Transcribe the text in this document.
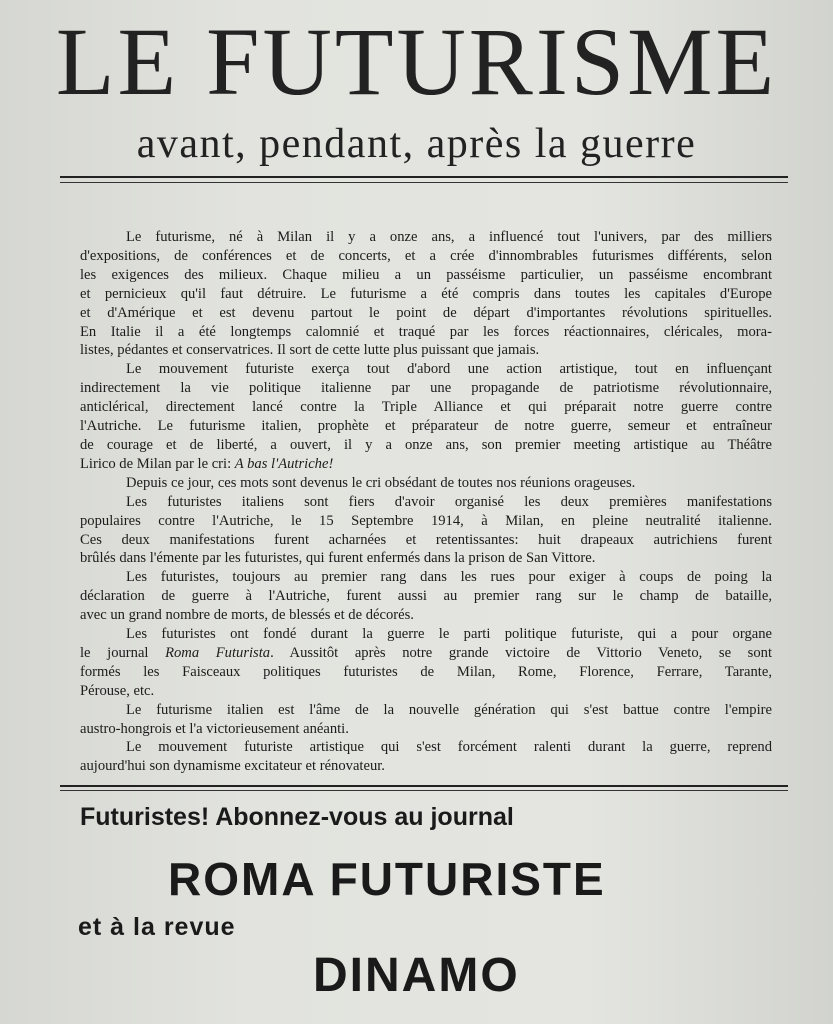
LE FUTURISME
avant, pendant, après la guerre
Le futurisme, né à Milan il y a onze ans, a influencé tout l'univers, par des milliers
d'expositions, de conférences et de concerts, et a crée d'innombrables futurismes différents, selon
les exigences des milieux. Chaque milieu a un passéisme particulier, un passéisme encombrant
et pernicieux qu'il faut détruire. Le futurisme a été compris dans toutes les capitales d'Europe
et d'Amérique et est devenu partout le point de départ d'importantes révolutions spirituelles.
En Italie il a été longtemps calomnié et traqué par les forces réactionnaires, cléricales, mora-
listes, pédantes et conservatrices. Il sort de cette lutte plus puissant que jamais.
Le mouvement futuriste exerça tout d'abord une action artistique, tout en influençant
indirectement la vie politique italienne par une propagande de patriotisme révolutionnaire,
anticlérical, directement lancé contre la Triple Alliance et qui préparait notre guerre contre
l'Autriche. Le futurisme italien, prophète et préparateur de notre guerre, semeur et entraîneur
de courage et de liberté, a ouvert, il y a onze ans, son premier meeting artistique au Théâtre
Lirico de Milan par le cri: A bas l'Autriche!
Depuis ce jour, ces mots sont devenus le cri obsédant de toutes nos réunions orageuses.
Les futuristes italiens sont fiers d'avoir organisé les deux premières manifestations
populaires contre l'Autriche, le 15 Septembre 1914, à Milan, en pleine neutralité italienne.
Ces deux manifestations furent acharnées et retentissantes: huit drapeaux autrichiens furent
brûlés dans l'émente par les futuristes, qui furent enfermés dans la prison de San Vittore.
Les futuristes, toujours au premier rang dans les rues pour exiger à coups de poing la
déclaration de guerre à l'Autriche, furent aussi au premier rang sur le champ de bataille,
avec un grand nombre de morts, de blessés et de décorés.
Les futuristes ont fondé durant la guerre le parti politique futuriste, qui a pour organe
le journal Roma Futurista. Aussitôt après notre grande victoire de Vittorio Veneto, se sont
formés les Faisceaux politiques futuristes de Milan, Rome, Florence, Ferrare, Tarante,
Pérouse, etc.
Le futurisme italien est l'âme de la nouvelle génération qui s'est battue contre l'empire
austro-hongrois et l'a victorieusement anéanti.
Le mouvement futuriste artistique qui s'est forcément ralenti durant la guerre, reprend
aujourd'hui son dynamisme excitateur et rénovateur.
Futuristes! Abonnez-vous au journal
ROMA FUTURISTE
et à la revue
DINAMO
